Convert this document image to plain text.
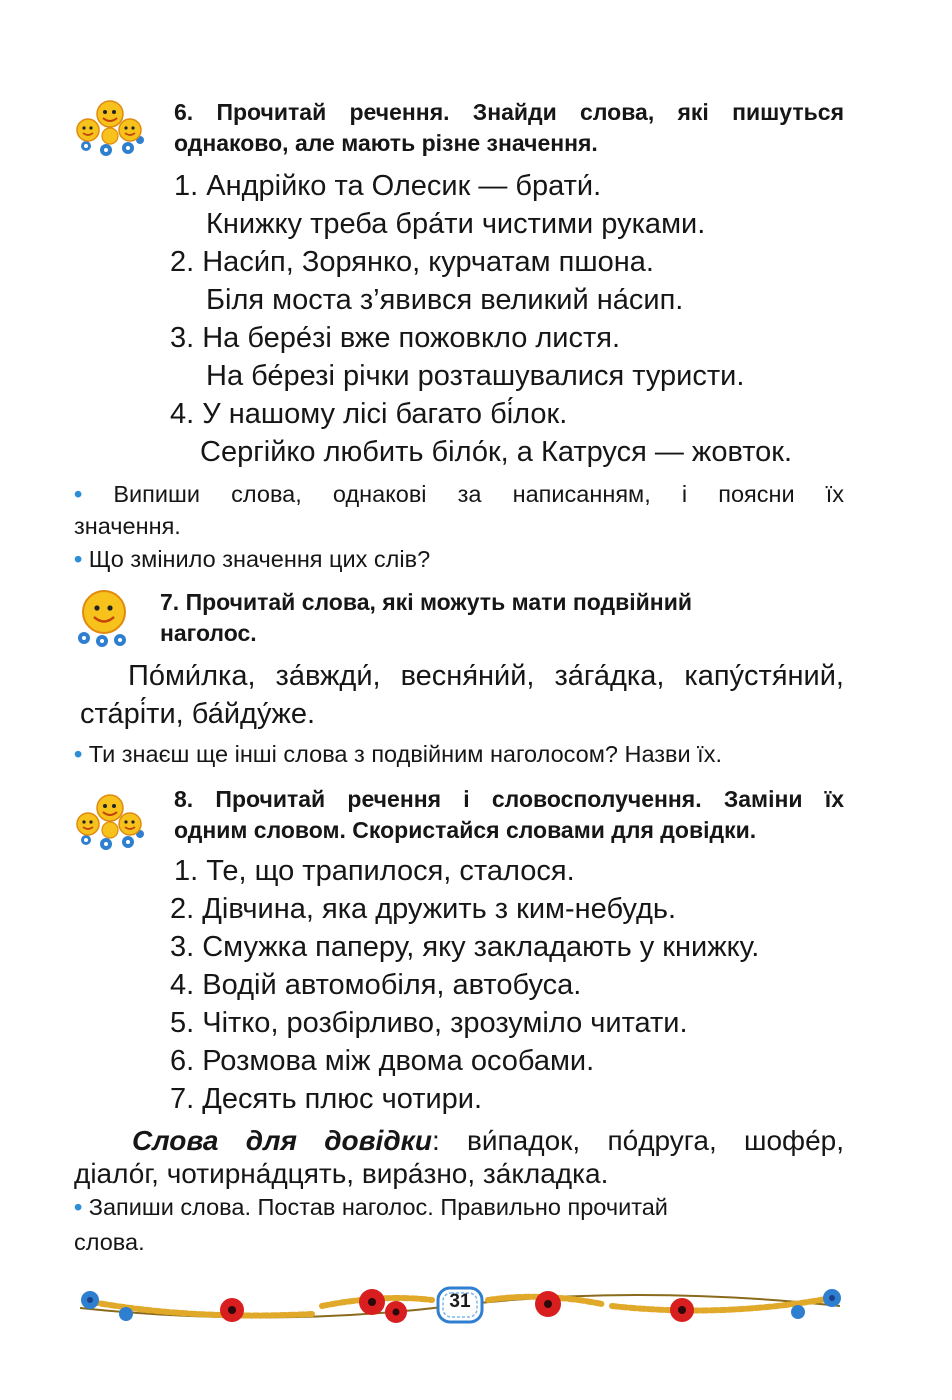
6. Прочитай речення. Знайди слова, які пишуться
однаково, але мають різне значення.
1. Андрійко та Олесик — брати́.
Книжку треба бра́ти чистими руками.
2. Наси́п, Зорянко, курчатам пшона.
Біля моста з’явився великий на́сип.
3. На бере́зі вже пожовкло листя.
На бе́резі річки розташувалися туристи.
4. У нашому лісі багато бі́лок.
Сергійко любить біло́к, а Катруся — жовток.
• Випиши слова, однакові за написанням, і поясни їх
значення.
• Що змінило значення цих слів?
7. Прочитай слова, які можуть мати подвійний
наголос.
По́ми́лка, за́вжди́, весня́ни́й, за́га́дка, капу́стя́ний,
ста́рі́ти, ба́йду́же.
• Ти знаєш ще інші слова з подвійним наголосом? Назви їх.
8. Прочитай речення і словосполучення. Заміни їх
одним словом. Скористайся словами для довідки.
1. Те, що трапилося, сталося.
2. Дівчина, яка дружить з ким-небудь.
3. Смужка паперу, яку закладають у книжку.
4. Водій автомобіля, автобуса.
5. Чітко, розбірливо, зрозуміло читати.
6. Розмова між двома особами.
7. Десять плюс чотири.
Слова для довідки: ви́падок, по́друга, шофе́р,
діало́г, чотирна́дцять, вира́зно, за́кладка.
• Запиши слова. Постав наголос. Правильно прочитай
слова.
31
